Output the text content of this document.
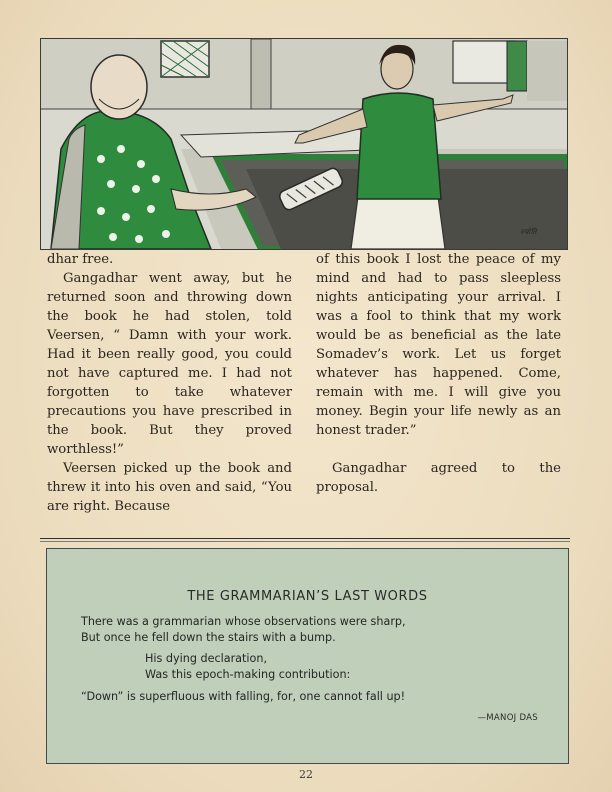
ज्योति

dhar free.

Gangadhar went away, but he returned soon and throwing down the book he had stolen, told Veersen, “ Damn with your work. Had it been really good, you could not have captured me. I had not forgotten to take whatever precautions you have prescribed in the book. But they proved worthless!”

Veersen picked up the book and threw it into his oven and said, “You are right. Because

of this book I lost the peace of my mind and had to pass sleepless nights anticipating your arrival. I was a fool to think that my work would be as beneficial as the late Somadev’s work. Let us forget whatever has happened. Come, remain with me. I will give you money. Begin your life newly as an honest trader.”

Gangadhar agreed to the proposal.

THE GRAMMARIAN’S LAST WORDS
There was a grammarian whose observations were sharp,
But once he fell down the stairs with a bump.
His dying declaration,
Was this epoch-making contribution:
“Down” is superfluous with falling, for, one cannot fall up!
—MANOJ DAS
22
